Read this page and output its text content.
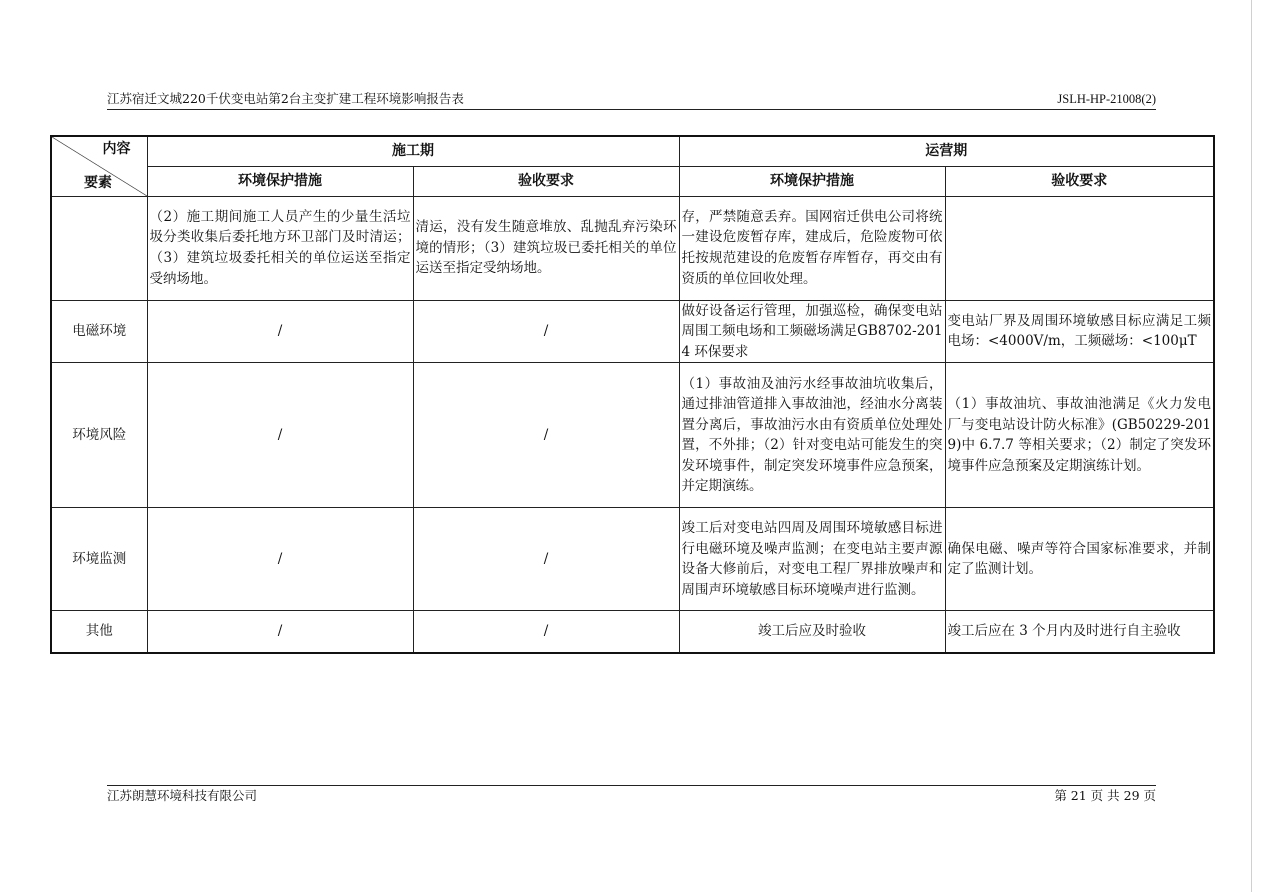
江苏宿迁文城220千伏变电站第2台主变扩建工程环境影响报告表	JSLH-HP-21008(2)
内容
要素	施工期		运营期	
	环境保护措施	验收要求	环境保护措施	验收要求
	（2）施工期间施工人员产生的少量生活垃圾分类收集后委托地方环卫部门及时清运；（3）建筑垃圾委托相关的单位运送至指定受纳场地。	清运，没有发生随意堆放、乱抛乱弃污染环境的情形；（3）建筑垃圾已委托相关的单位运送至指定受纳场地。	存，严禁随意丢弃。国网宿迁供电公司将统一建设危废暂存库，建成后，危险废物可依托按规范建设的危废暂存库暂存，再交由有资质的单位回收处理。	
电磁环境	/	/	做好设备运行管理，加强巡检，确保变电站周围工频电场和工频磁场满足GB8702-2014 环保要求	变电站厂界及周围环境敏感目标应满足工频电场：<4000V/m，工频磁场：<100μT
环境风险	/	/	（1）事故油及油污水经事故油坑收集后，通过排油管道排入事故油池，经油水分离装置分离后，事故油污水由有资质单位处理处置，不外排；（2）针对变电站可能发生的突发环境事件，制定突发环境事件应急预案，并定期演练。	（1）事故油坑、事故油池满足《火力发电厂与变电站设计防火标准》(GB50229-2019)中 6.7.7 等相关要求；（2）制定了突发环境事件应急预案及定期演练计划。
环境监测	/	/	竣工后对变电站四周及周围环境敏感目标进行电磁环境及噪声监测；在变电站主要声源设备大修前后，对变电工程厂界排放噪声和周围声环境敏感目标环境噪声进行监测。	确保电磁、噪声等符合国家标准要求，并制定了监测计划。
其他	/	/	竣工后应及时验收	竣工后应在 3 个月内及时进行自主验收
江苏朗慧环境科技有限公司	第 21 页 共 29 页
